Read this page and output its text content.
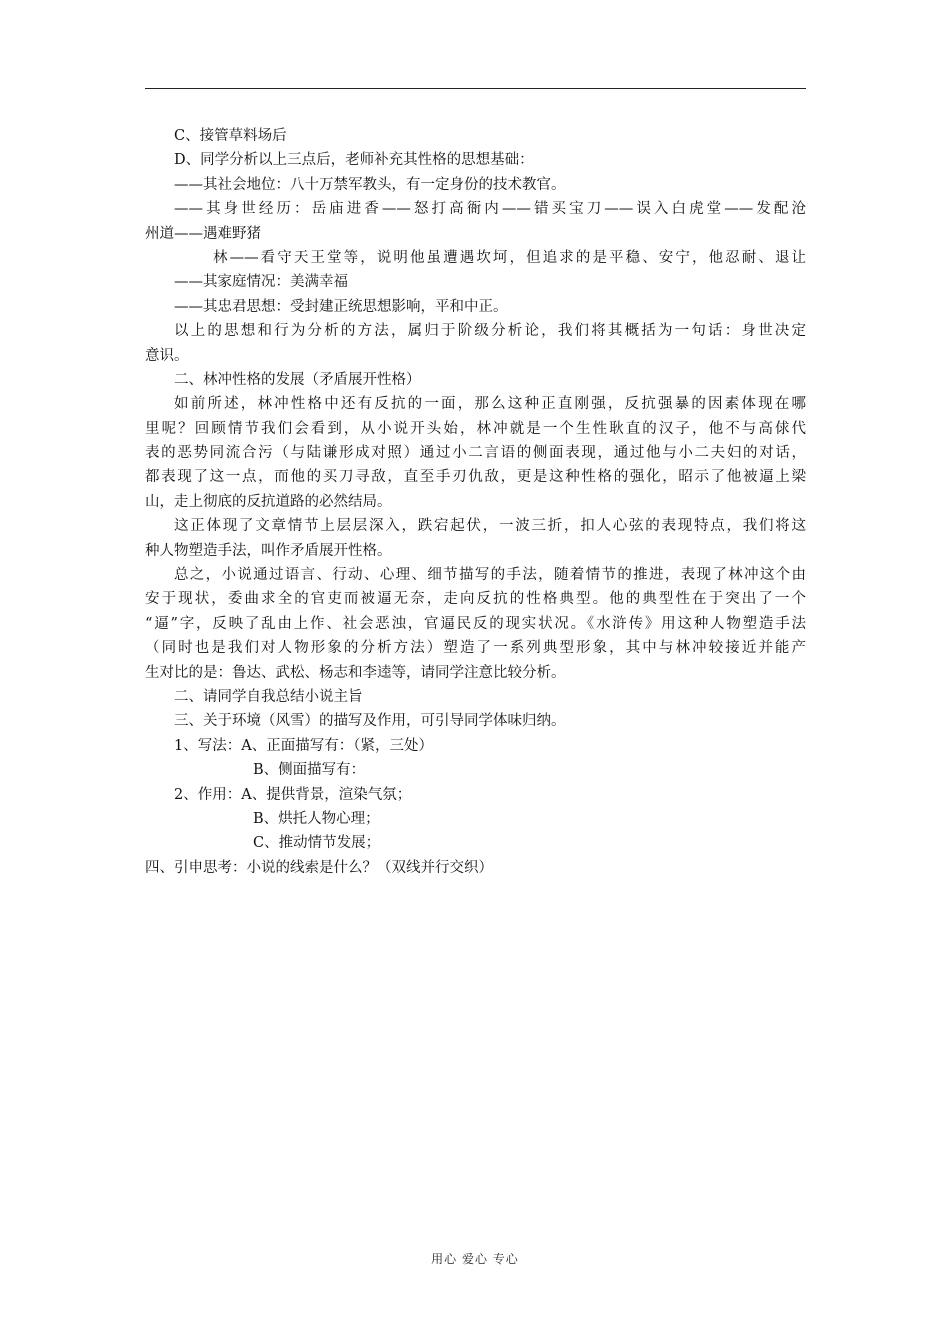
C、接管草料场后
D、同学分析以上三点后，老师补充其性格的思想基础：
——其社会地位：八十万禁军教头，有一定身份的技术教官。
——其身世经历：岳庙进香——怒打高衙内——错买宝刀——误入白虎堂——发配沧
州道——遇难野猪
林——看守天王堂等，说明他虽遭遇坎坷，但追求的是平稳、安宁，他忍耐、退让
——其家庭情况：美满幸福
——其忠君思想：受封建正统思想影响，平和中正。
以上的思想和行为分析的方法，属归于阶级分析论，我们将其概括为一句话：身世决定
意识。
二、林冲性格的发展（矛盾展开性格）
如前所述，林冲性格中还有反抗的一面，那么这种正直刚强，反抗强暴的因素体现在哪
里呢？回顾情节我们会看到，从小说开头始，林冲就是一个生性耿直的汉子，他不与高俅代
表的恶势同流合污（与陆谦形成对照）通过小二言语的侧面表现，通过他与小二夫妇的对话，
都表现了这一点，而他的买刀寻敌，直至手刃仇敌，更是这种性格的强化，昭示了他被逼上梁
山，走上彻底的反抗道路的必然结局。
这正体现了文章情节上层层深入，跌宕起伏，一波三折，扣人心弦的表现特点，我们将这
种人物塑造手法，叫作矛盾展开性格。
总之，小说通过语言、行动、心理、细节描写的手法，随着情节的推进，表现了林冲这个由
安于现状，委曲求全的官吏而被逼无奈，走向反抗的性格典型。他的典型性在于突出了一个
“逼”字，反映了乱由上作、社会恶浊，官逼民反的现实状况。《水浒传》用这种人物塑造手法
（同时也是我们对人物形象的分析方法）塑造了一系列典型形象，其中与林冲较接近并能产
生对比的是：鲁达、武松、杨志和李逵等，请同学注意比较分析。
二、请同学自我总结小说主旨
三、关于环境（风雪）的描写及作用，可引导同学体味归纳。
1、写法：A、正面描写有：（紧，三处）
B、侧面描写有：
2、作用：A、提供背景，渲染气氛；
B、烘托人物心理；
C、推动情节发展；
四、引申思考：小说的线索是什么？（双线并行交织）
用心 爱心 专心
